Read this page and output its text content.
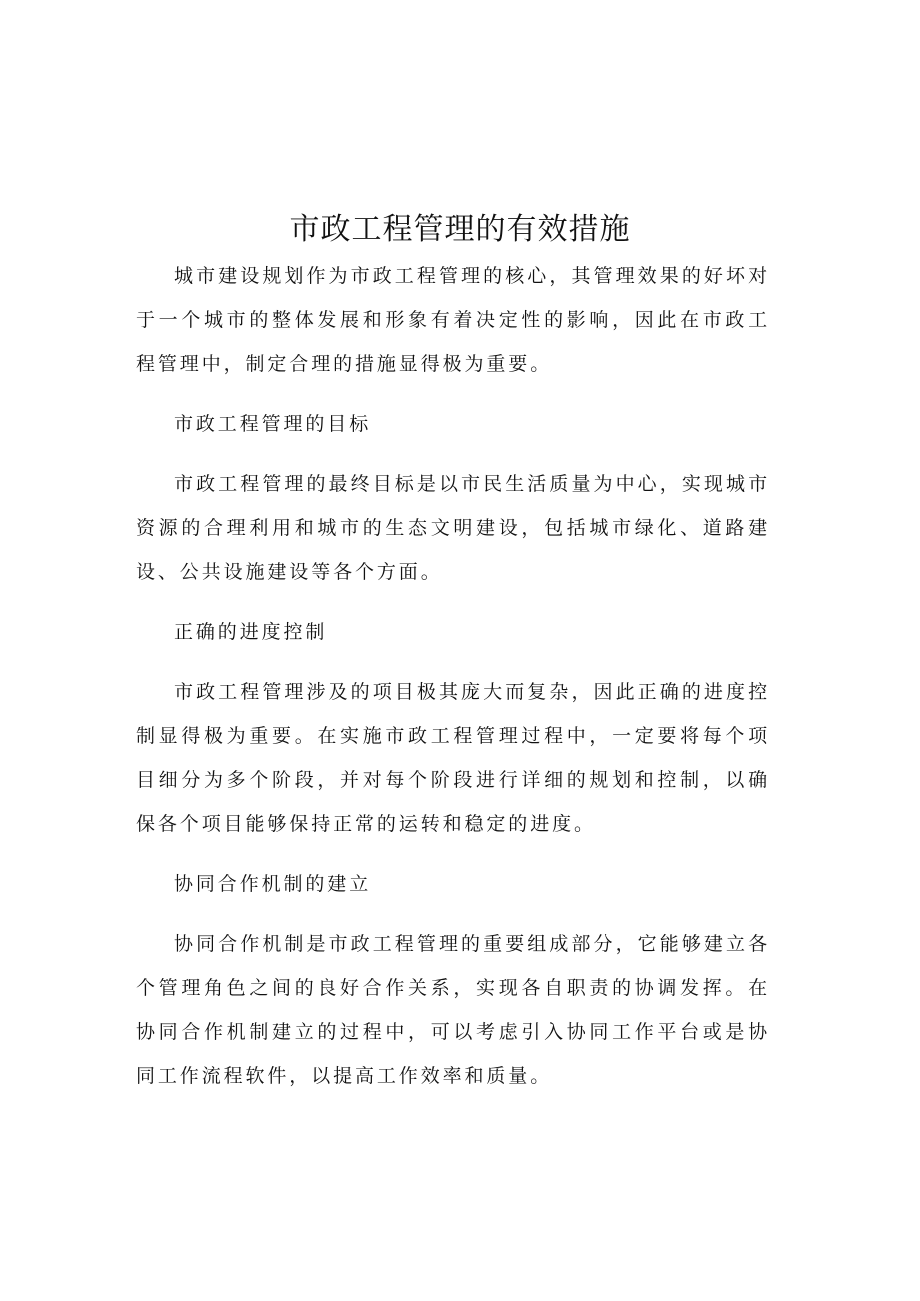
市政工程管理的有效措施

城市建设规划作为市政工程管理的核心，其管理效果的好坏对于一个城市的整体发展和形象有着决定性的影响，因此在市政工程管理中，制定合理的措施显得极为重要。

市政工程管理的目标

市政工程管理的最终目标是以市民生活质量为中心，实现城市资源的合理利用和城市的生态文明建设，包括城市绿化、道路建设、公共设施建设等各个方面。

正确的进度控制

市政工程管理涉及的项目极其庞大而复杂，因此正确的进度控制显得极为重要。在实施市政工程管理过程中，一定要将每个项目细分为多个阶段，并对每个阶段进行详细的规划和控制，以确保各个项目能够保持正常的运转和稳定的进度。

协同合作机制的建立

协同合作机制是市政工程管理的重要组成部分，它能够建立各个管理角色之间的良好合作关系，实现各自职责的协调发挥。在协同合作机制建立的过程中，可以考虑引入协同工作平台或是协同工作流程软件，以提高工作效率和质量。
